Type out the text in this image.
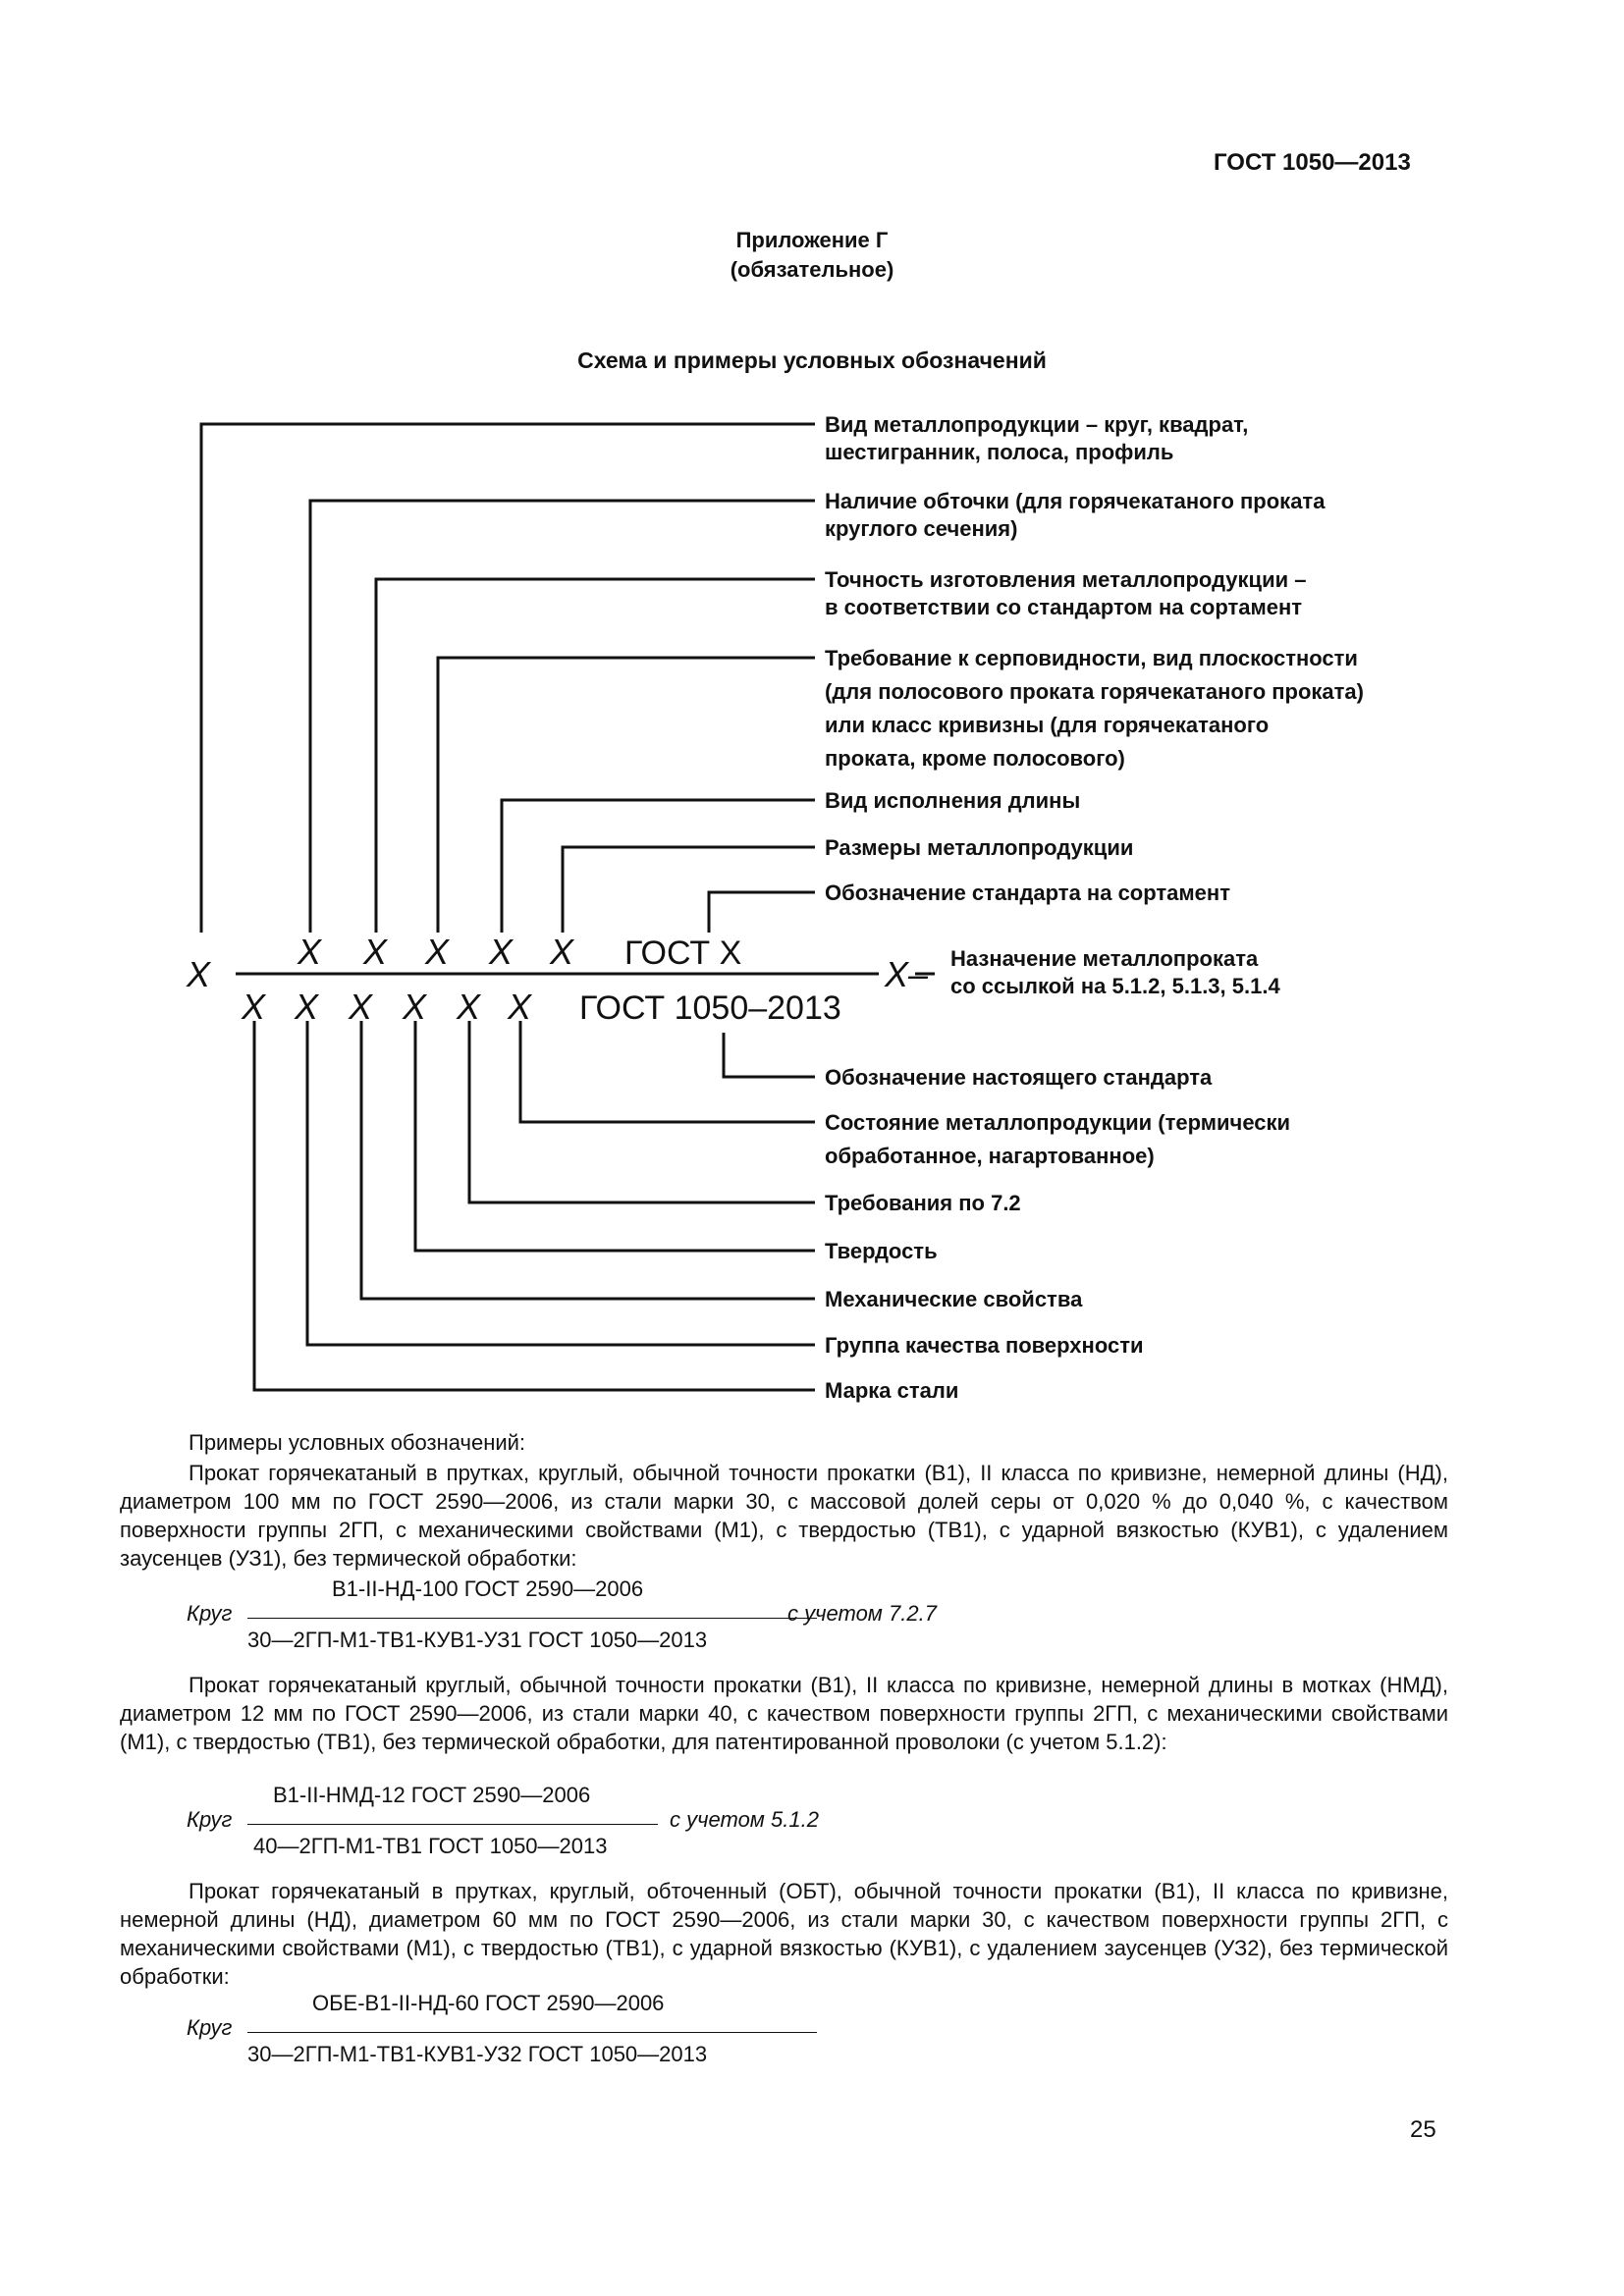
ГОСТ 1050—2013
Приложение Г
(обязательное)
Схема и примеры условных обозначений
X X X X X ГОСТ X
X	X–
X X X X X X ГОСТ 1050–2013
Вид металлопродукции – круг, квадрат,
шестигранник, полоса, профиль
Наличие обточки (для горячекатаного проката
круглого сечения)
Точность изготовления металлопродукции –
в соответствии со стандартом на сортамент
Требование к серповидности, вид плоскостности
(для полосового проката горячекатаного проката)
или класс кривизны (для горячекатаного
проката, кроме полосового)
Вид исполнения длины
Размеры металлопродукции
Обозначение стандарта на сортамент
Назначение металлопроката
со ссылкой на 5.1.2, 5.1.3, 5.1.4
Обозначение настоящего стандарта
Состояние металлопродукции (термически
обработанное, нагартованное)
Требования по 7.2
Твердость
Механические свойства
Группа качества поверхности
Марка стали
Примеры условных обозначений:
Прокат горячекатаный в прутках, круглый, обычной точности прокатки (В1), II класса по кривизне, немерной длины (НД), диаметром 100 мм по ГОСТ 2590—2006, из стали марки 30, с массовой долей серы от 0,020 % до 0,040 %, с качеством поверхности группы 2ГП, с механическими свойствами (М1), с твердостью (ТВ1), с ударной вязкостью (КУВ1), с удалением заусенцев (УЗ1), без термической обработки:
Круг
В1-II-НД-100 ГОСТ 2590—2006
30—2ГП-М1-ТВ1-КУВ1-УЗ1 ГОСТ 1050—2013
с учетом 7.2.7
Прокат горячекатаный круглый, обычной точности прокатки (В1), II класса по кривизне, немерной длины в мотках (НМД), диаметром 12 мм по ГОСТ 2590—2006, из стали марки 40, с качеством поверхности группы 2ГП, с механическими свойствами (М1), с твердостью (ТВ1), без термической обработки, для патентированной проволоки (с учетом 5.1.2):
Круг
В1-II-НМД-12 ГОСТ 2590—2006
40—2ГП-М1-ТВ1 ГОСТ 1050—2013
с учетом 5.1.2
Прокат горячекатаный в прутках, круглый, обточенный (ОБТ), обычной точности прокатки (В1), II класса по кривизне, немерной длины (НД), диаметром 60 мм по ГОСТ 2590—2006, из стали марки 30, с качеством поверхности группы 2ГП, с механическими свойствами (М1), с твердостью (ТВ1), с ударной вязкостью (КУВ1), с удалением заусенцев (УЗ2), без термической обработки:
Круг
ОБЕ-В1-II-НД-60 ГОСТ 2590—2006
30—2ГП-М1-ТВ1-КУВ1-УЗ2 ГОСТ 1050—2013
25
